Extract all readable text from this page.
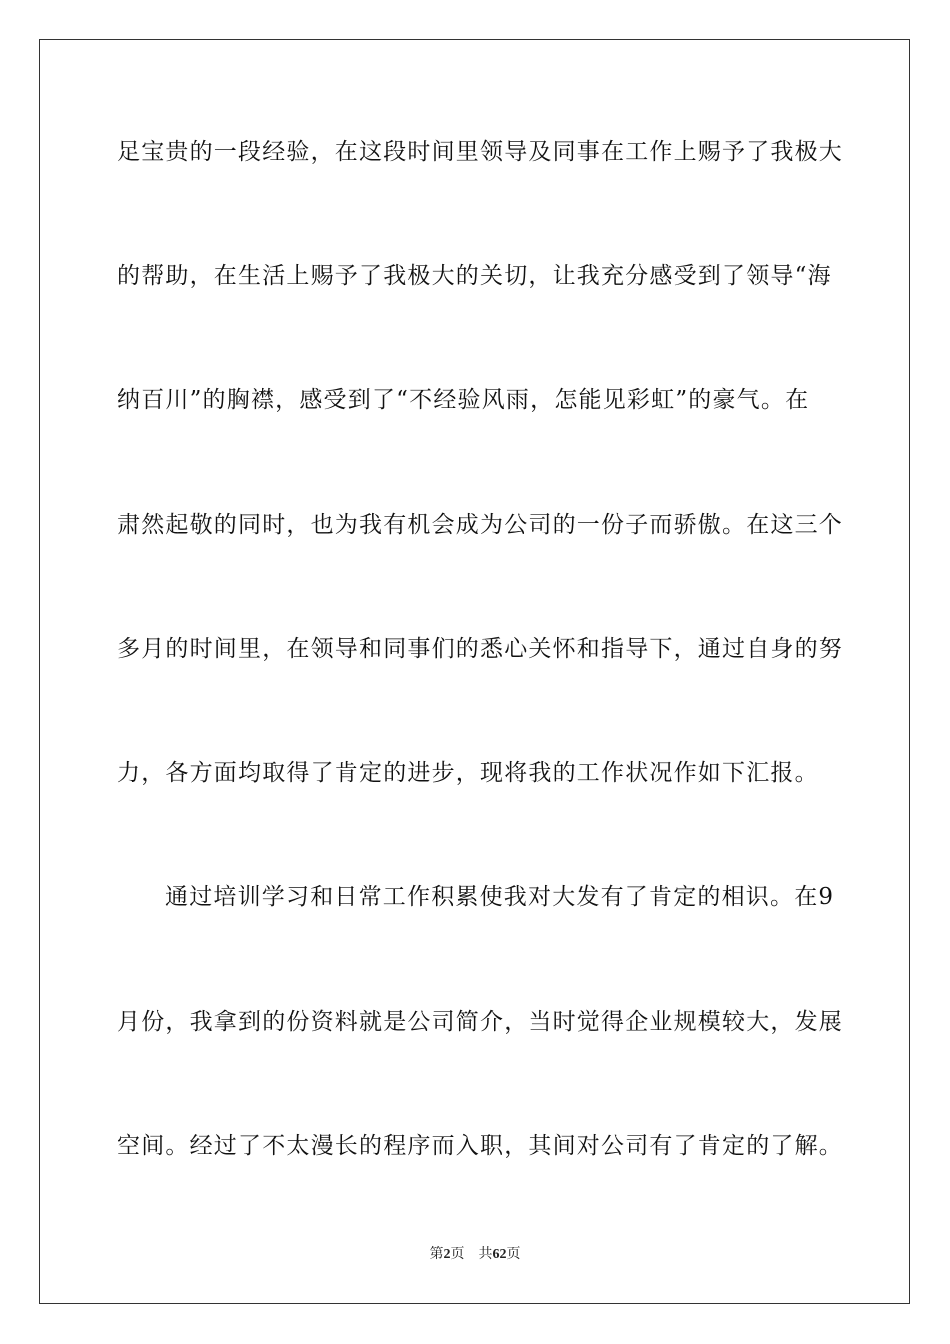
足宝贵的一段经验，在这段时间里领导及同事在工作上赐予了我极大
的帮助，在生活上赐予了我极大的关切，让我充分感受到了领导“海
纳百川”的胸襟，感受到了“不经验风雨，怎能见彩虹”的豪气。在
肃然起敬的同时，也为我有机会成为公司的一份子而骄傲。在这三个
多月的时间里，在领导和同事们的悉心关怀和指导下，通过自身的努
力，各方面均取得了肯定的进步，现将我的工作状况作如下汇报。
通过培训学习和日常工作积累使我对大发有了肯定的相识。在9
月份，我拿到的份资料就是公司简介，当时觉得企业规模较大，发展
空间。经过了不太漫长的程序而入职，其间对公司有了肯定的了解。
第2页 共62页
